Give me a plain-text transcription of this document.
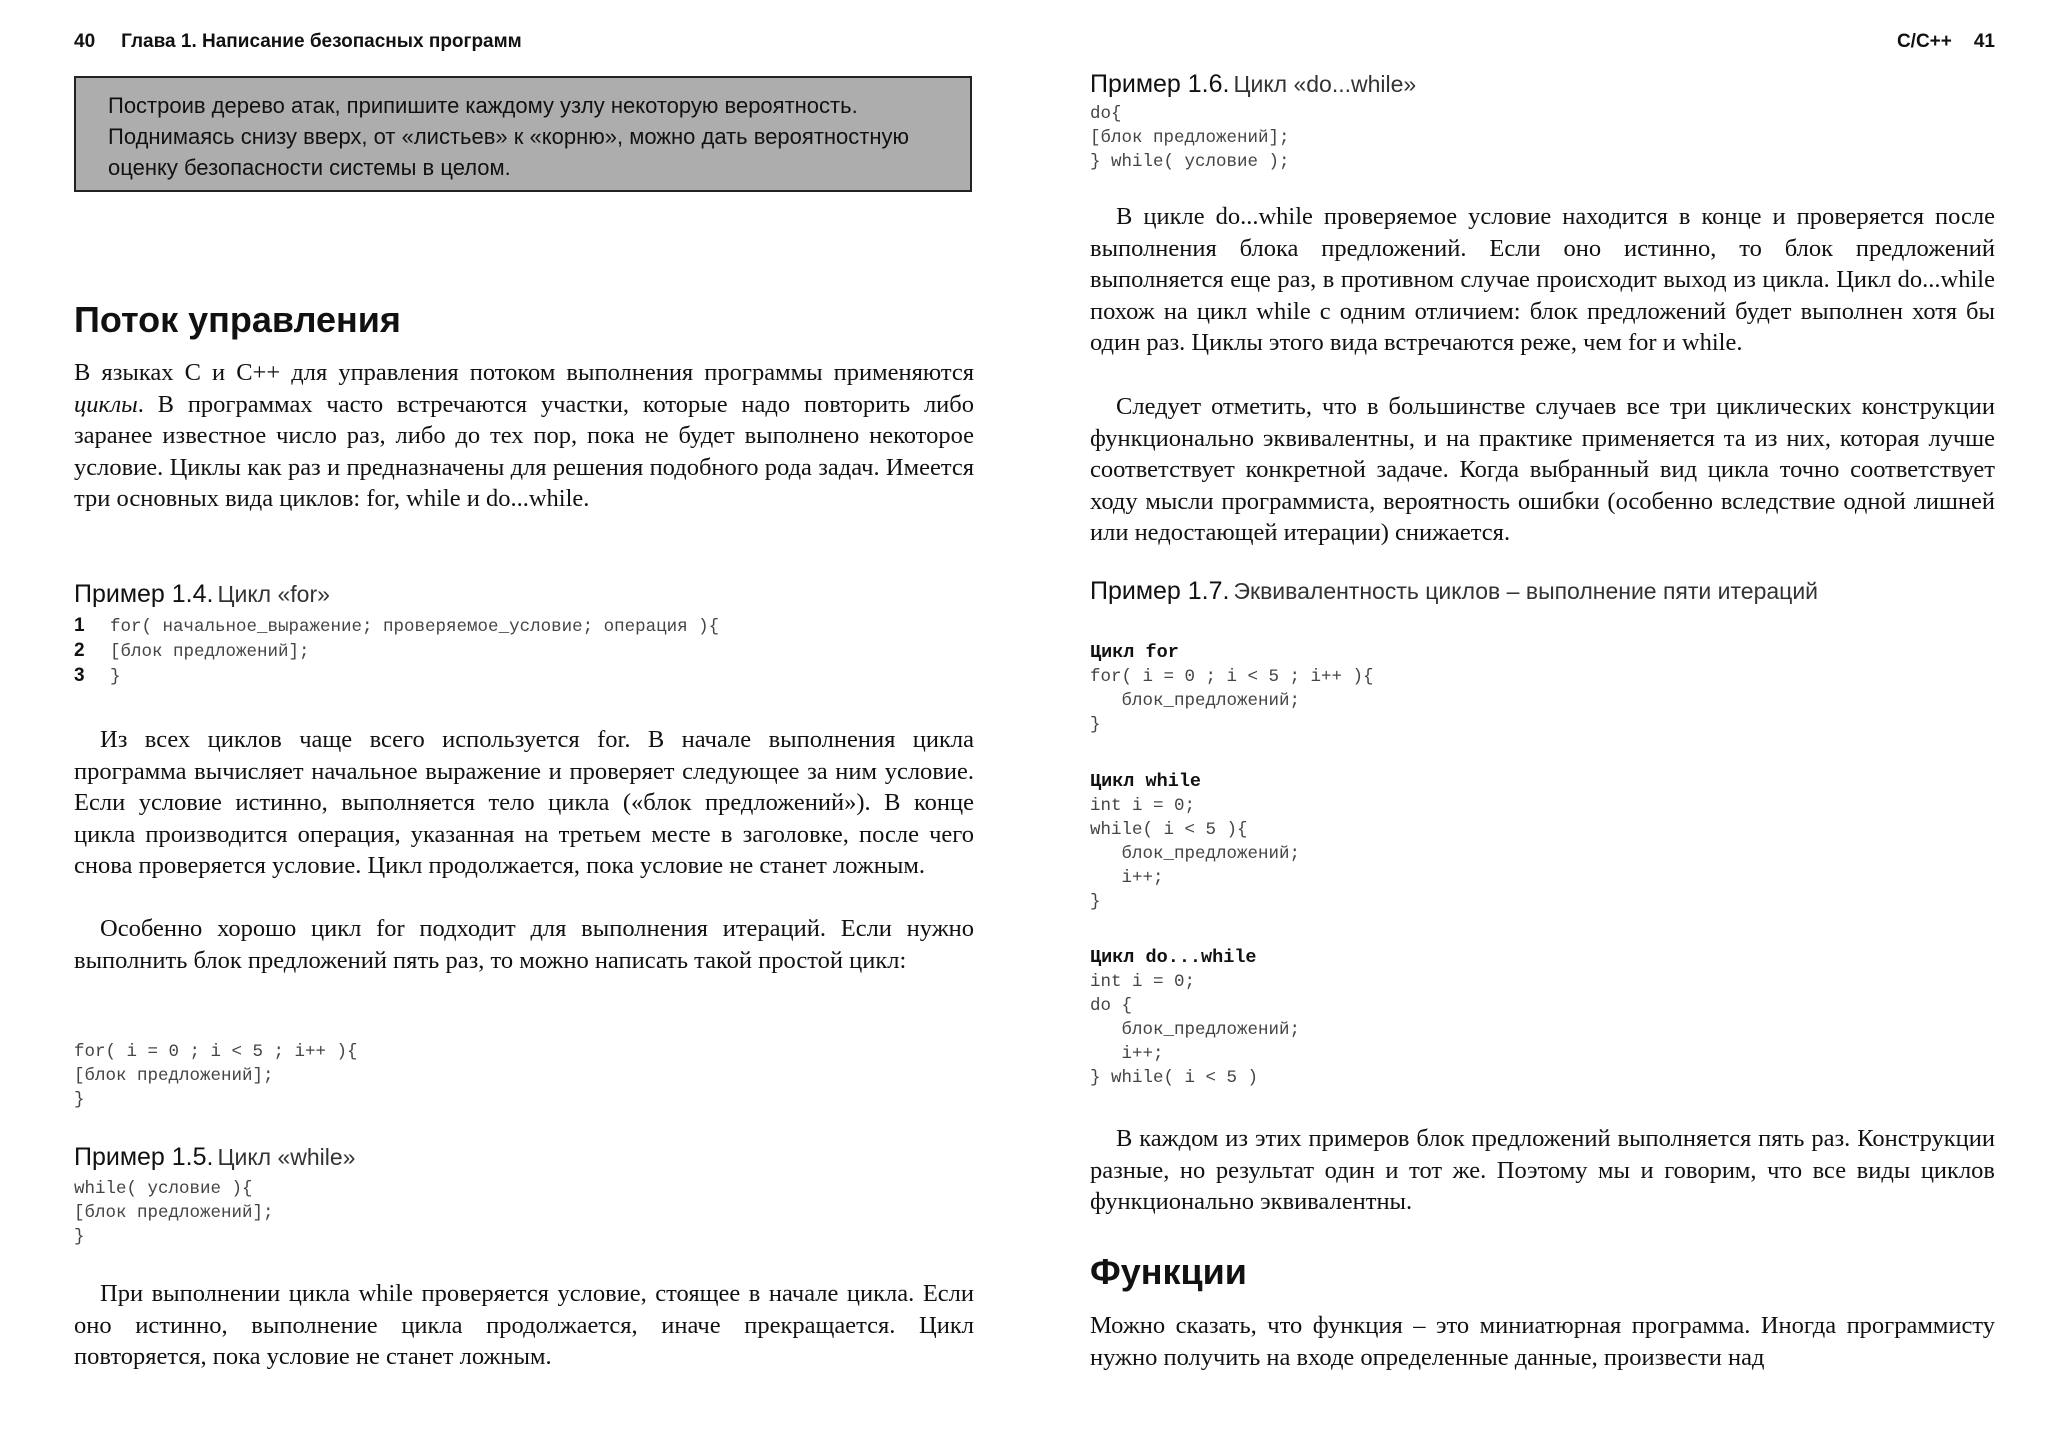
40 Глава 1. Написание безопасных программ
Построив дерево атак, припишите каждому узлу некоторую вероятность. Поднимаясь снизу вверх, от «листьев» к «корню», можно дать вероятностную оценку безопасности системы в целом.
Поток управления

В языках C и C++ для управления потоком выполнения программы применяются циклы. В программах часто встречаются участки, которые надо повторить либо заранее известное число раз, либо до тех пор, пока не будет выполнено некоторое условие. Циклы как раз и предназначены для решения подобного рода задач. Имеется три основных вида циклов: for, while и do...while.

Пример 1.4. Цикл «for»

1 for( начальное_выражение; проверяемое_условие; операция ){
2 [блок предложений];
3 }

Из всех циклов чаще всего используется for. В начале выполнения цикла программа вычисляет начальное выражение и проверяет следующее за ним условие. Если условие истинно, выполняется тело цикла («блок предложений»). В конце цикла производится операция, указанная на третьем месте в заголовке, после чего снова проверяется условие. Цикл продолжается, пока условие не станет ложным.

Особенно хорошо цикл for подходит для выполнения итераций. Если нужно выполнить блок предложений пять раз, то можно написать такой простой цикл:

for( i = 0 ; i < 5 ; i++ ){
[блок предложений];
}

Пример 1.5. Цикл «while»

while( условие ){
[блок предложений];
}

При выполнении цикла while проверяется условие, стоящее в начале цикла. Если оно истинно, выполнение цикла продолжается, иначе прекращается. Цикл повторяется, пока условие не станет ложным.

C/C++ 41

Пример 1.6. Цикл «do...while»

do{
[блок предложений];
} while( условие );

В цикле do...while проверяемое условие находится в конце и проверяется после выполнения блока предложений. Если оно истинно, то блок предложений выполняется еще раз, в противном случае происходит выход из цикла. Цикл do...while похож на цикл while с одним отличием: блок предложений будет выполнен хотя бы один раз. Циклы этого вида встречаются реже, чем for и while.

Следует отметить, что в большинстве случаев все три циклических конструкции функционально эквивалентны, и на практике применяется та из них, которая лучше соответствует конкретной задаче. Когда выбранный вид цикла точно соответствует ходу мысли программиста, вероятность ошибки (особенно вследствие одной лишней или недостающей итерации) снижается.

Пример 1.7. Эквивалентность циклов – выполнение пяти итераций

Цикл for
for( i = 0 ; i < 5 ; i++ ){
блок_предложений;
}
Цикл while
int i = 0;
while( i < 5 ){
блок_предложений;
i++;
}
Цикл do...while
int i = 0;
do {
блок_предложений;
i++;
} while( i < 5 )

В каждом из этих примеров блок предложений выполняется пять раз. Конструкции разные, но результат один и тот же. Поэтому мы и говорим, что все виды циклов функционально эквивалентны.

Функции

Можно сказать, что функция – это миниатюрная программа. Иногда программисту нужно получить на входе определенные данные, произвести над
